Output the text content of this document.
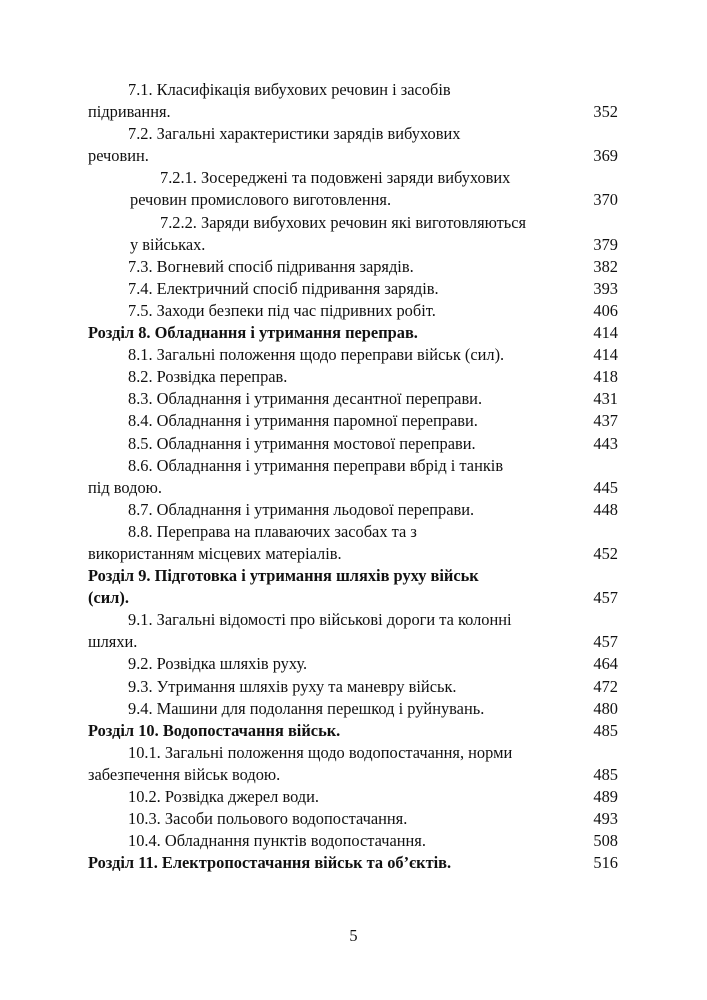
7.1. Класифікація вибухових речовин і засобів
підривання.	352
7.2. Загальні характеристики зарядів вибухових
речовин.	369
7.2.1. Зосереджені та подовжені заряди вибухових
речовин промислового виготовлення.	370
7.2.2. Заряди вибухових речовин які виготовляються
у військах.	379
7.3. Вогневий спосіб підривання зарядів.	382
7.4. Електричний спосіб підривання зарядів.	393
7.5. Заходи безпеки під час підривних робіт.	406
Розділ 8. Обладнання і утримання переправ.	414
8.1. Загальні положення щодо переправи військ (сил).	414
8.2. Розвідка переправ.	418
8.3. Обладнання і утримання десантної переправи.	431
8.4. Обладнання і утримання паромної переправи.	437
8.5. Обладнання і утримання мостової переправи.	443
8.6. Обладнання і утримання переправи вбрід і танків
під водою.	445
8.7. Обладнання і утримання льодової переправи.	448
8.8. Переправа на плаваючих засобах та з
використанням місцевих матеріалів.	452
Розділ 9. Підготовка і утримання шляхів руху військ
(сил).	457
9.1. Загальні відомості про військові дороги та колонні
шляхи.	457
9.2. Розвідка шляхів руху.	464
9.3. Утримання шляхів руху та маневру військ.	472
9.4. Машини для подолання перешкод і руйнувань.	480
Розділ 10. Водопостачання військ.	485
10.1. Загальні положення щодо водопостачання, норми
забезпечення військ водою.	485
10.2. Розвідка джерел води.	489
10.3. Засоби польового водопостачання.	493
10.4. Обладнання пунктів водопостачання.	508
Розділ 11. Електропостачання військ та об’єктів.	516
5
